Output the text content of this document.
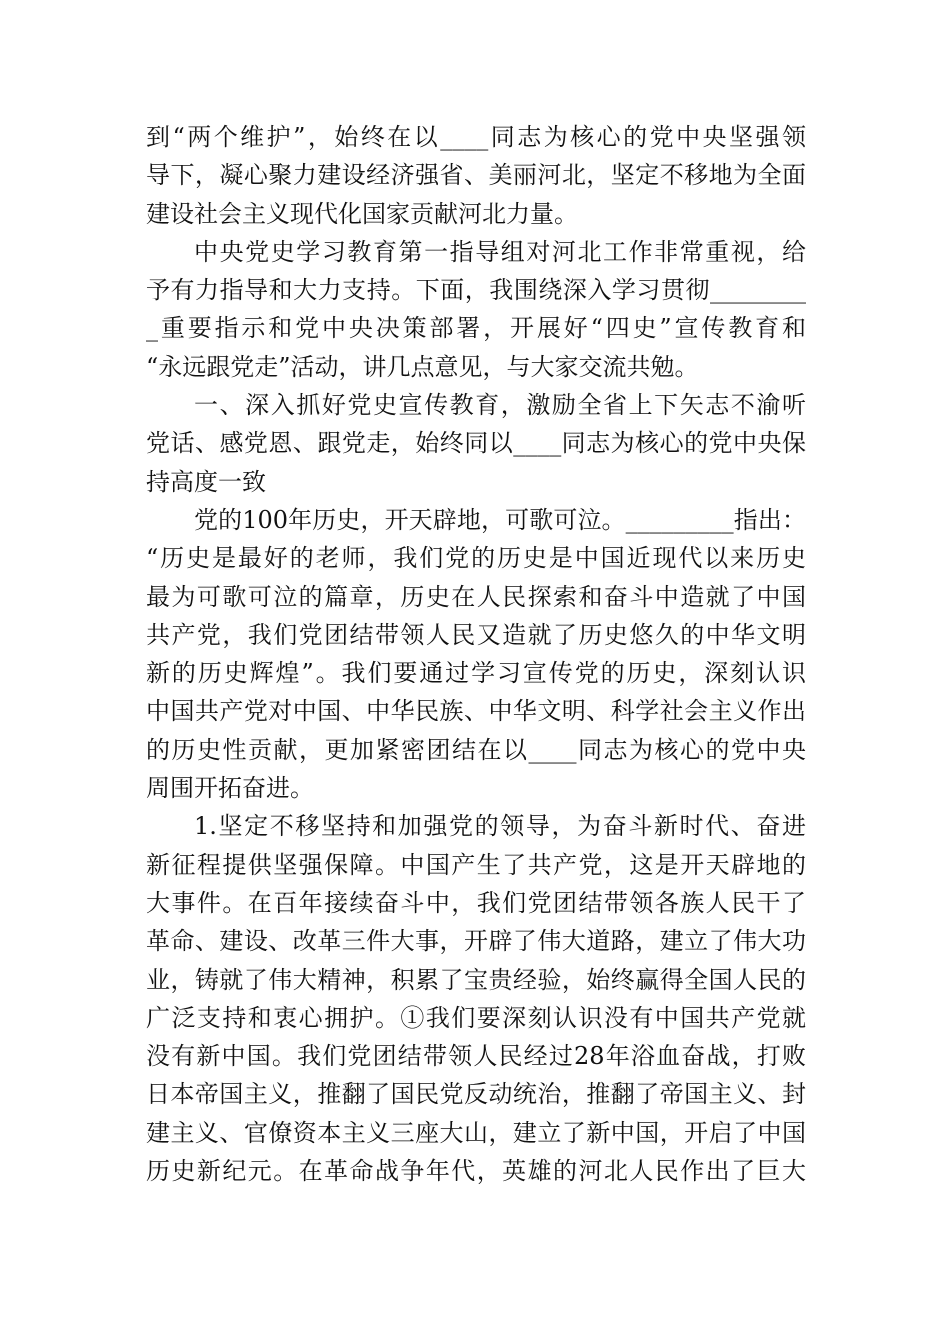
到“两个维护”，始终在以____同志为核心的党中央坚强领
导下，凝心聚力建设经济强省、美丽河北，坚定不移地为全面
建设社会主义现代化国家贡献河北力量。
中央党史学习教育第一指导组对河北工作非常重视，给
予有力指导和大力支持。下面，我围绕深入学习贯彻________
_重要指示和党中央决策部署，开展好“四史”宣传教育和
“永远跟党走”活动，讲几点意见，与大家交流共勉。
一、深入抓好党史宣传教育，激励全省上下矢志不渝听
党话、感党恩、跟党走，始终同以____同志为核心的党中央保
持高度一致
党的100年历史，开天辟地，可歌可泣。_________指出：
“历史是最好的老师，我们党的历史是中国近现代以来历史
最为可歌可泣的篇章，历史在人民探索和奋斗中造就了中国
共产党，我们党团结带领人民又造就了历史悠久的中华文明
新的历史辉煌”。我们要通过学习宣传党的历史，深刻认识
中国共产党对中国、中华民族、中华文明、科学社会主义作出
的历史性贡献，更加紧密团结在以____同志为核心的党中央
周围开拓奋进。
1.坚定不移坚持和加强党的领导，为奋斗新时代、奋进
新征程提供坚强保障。中国产生了共产党，这是开天辟地的
大事件。在百年接续奋斗中，我们党团结带领各族人民干了
革命、建设、改革三件大事，开辟了伟大道路，建立了伟大功
业，铸就了伟大精神，积累了宝贵经验，始终赢得全国人民的
广泛支持和衷心拥护。①我们要深刻认识没有中国共产党就
没有新中国。我们党团结带领人民经过28年浴血奋战，打败
日本帝国主义，推翻了国民党反动统治，推翻了帝国主义、封
建主义、官僚资本主义三座大山，建立了新中国，开启了中国
历史新纪元。在革命战争年代，英雄的河北人民作出了巨大
